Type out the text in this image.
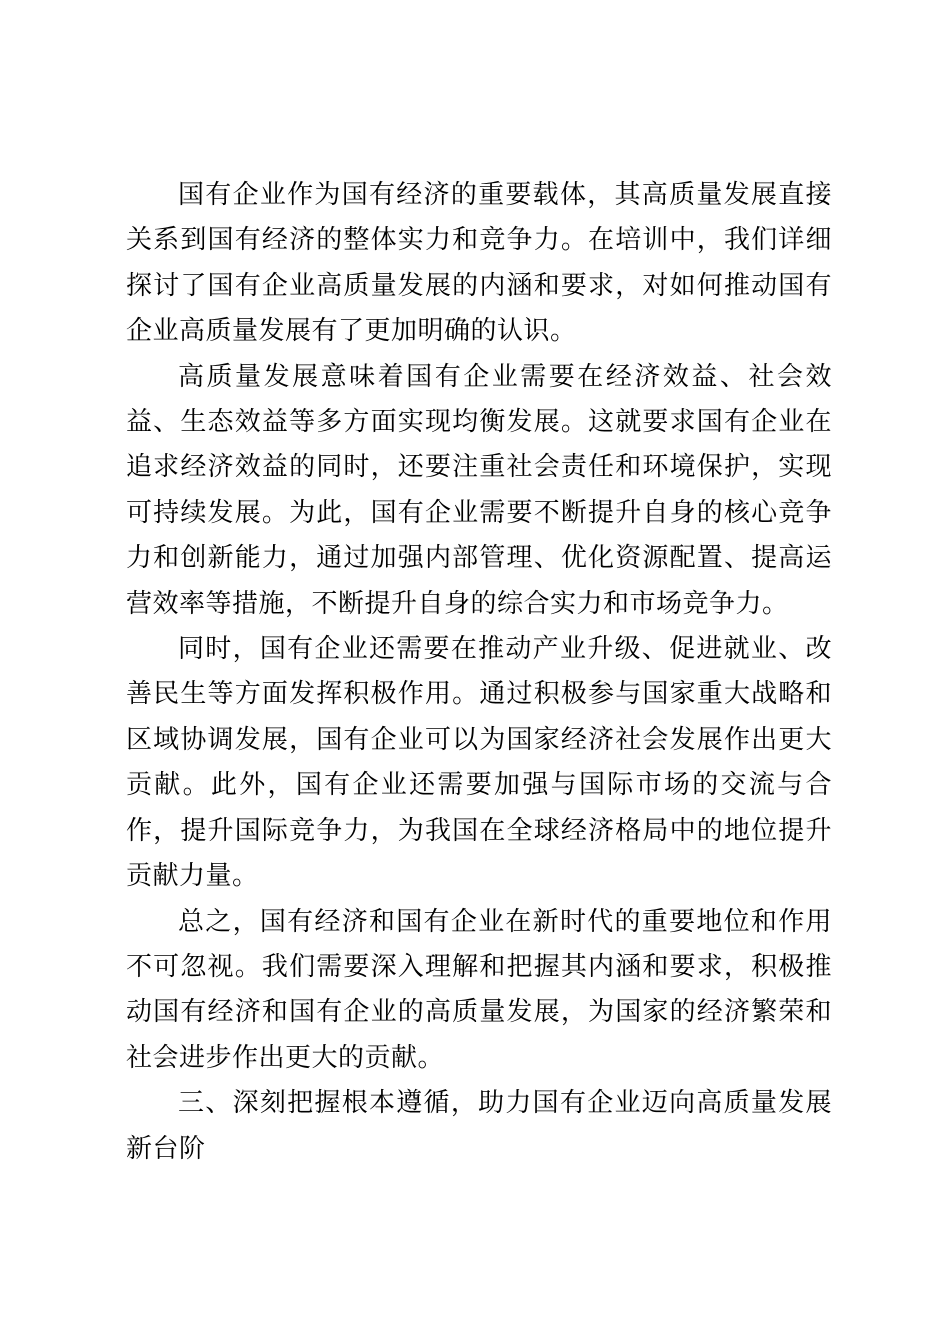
国有企业作为国有经济的重要载体，其高质量发展直接关系到国有经济的整体实力和竞争力。在培训中，我们详细探讨了国有企业高质量发展的内涵和要求，对如何推动国有企业高质量发展有了更加明确的认识。

高质量发展意味着国有企业需要在经济效益、社会效益、生态效益等多方面实现均衡发展。这就要求国有企业在追求经济效益的同时，还要注重社会责任和环境保护，实现可持续发展。为此，国有企业需要不断提升自身的核心竞争力和创新能力，通过加强内部管理、优化资源配置、提高运营效率等措施，不断提升自身的综合实力和市场竞争力。

同时，国有企业还需要在推动产业升级、促进就业、改善民生等方面发挥积极作用。通过积极参与国家重大战略和区域协调发展，国有企业可以为国家经济社会发展作出更大贡献。此外，国有企业还需要加强与国际市场的交流与合作，提升国际竞争力，为我国在全球经济格局中的地位提升贡献力量。

总之，国有经济和国有企业在新时代的重要地位和作用不可忽视。我们需要深入理解和把握其内涵和要求，积极推动国有经济和国有企业的高质量发展，为国家的经济繁荣和社会进步作出更大的贡献。

三、深刻把握根本遵循，助力国有企业迈向高质量发展新台阶
